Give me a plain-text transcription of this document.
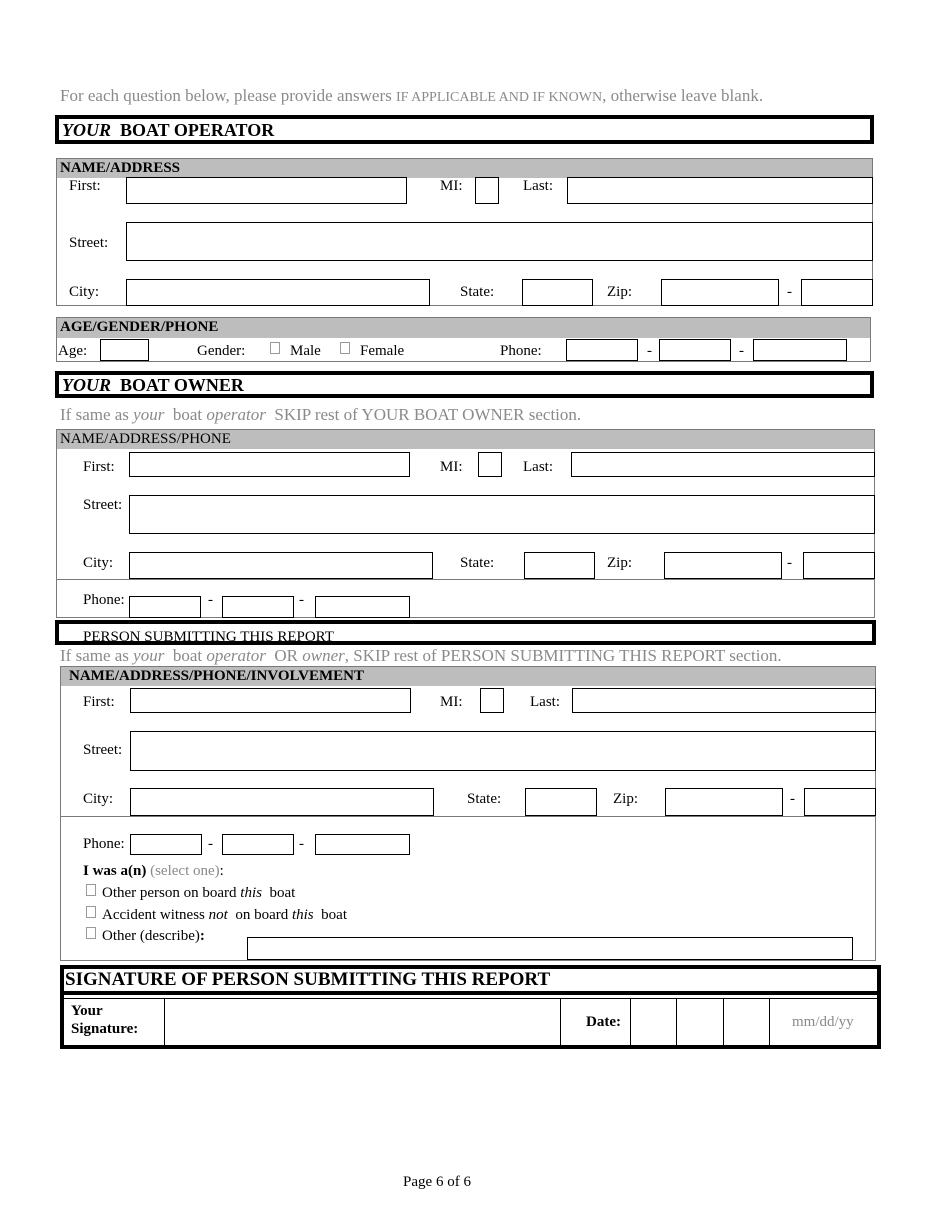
For each question below, please provide answers IF APPLICABLE AND IF KNOWN, otherwise leave blank.
YOUR BOAT OPERATOR
NAME/ADDRESS
First:	MI:	Last:
Street:
City:	State:	Zip:	-
AGE/GENDER/PHONE
Age:	Gender:	Male	Female	Phone:	-	-
YOUR BOAT OWNER
If same as your boat operator SKIP rest of YOUR BOAT OWNER section.
NAME/ADDRESS/PHONE
First:	MI:	Last:
Street:
City:	State:	Zip:	-
Phone:	-	-
PERSON SUBMITTING THIS REPORT
If same as your boat operator OR owner, SKIP rest of PERSON SUBMITTING THIS REPORT section.
NAME/ADDRESS/PHONE/INVOLVEMENT
First:	MI:	Last:
Street:
City:	State:	Zip:	-
Phone:	-	-
I was a(n) (select one):
Other person on board this boat
Accident witness not on board this boat
Other (describe):
SIGNATURE OF PERSON SUBMITTING THIS REPORT
Your
Signature:	Date:	mm/dd/yy
Page 6 of 6
